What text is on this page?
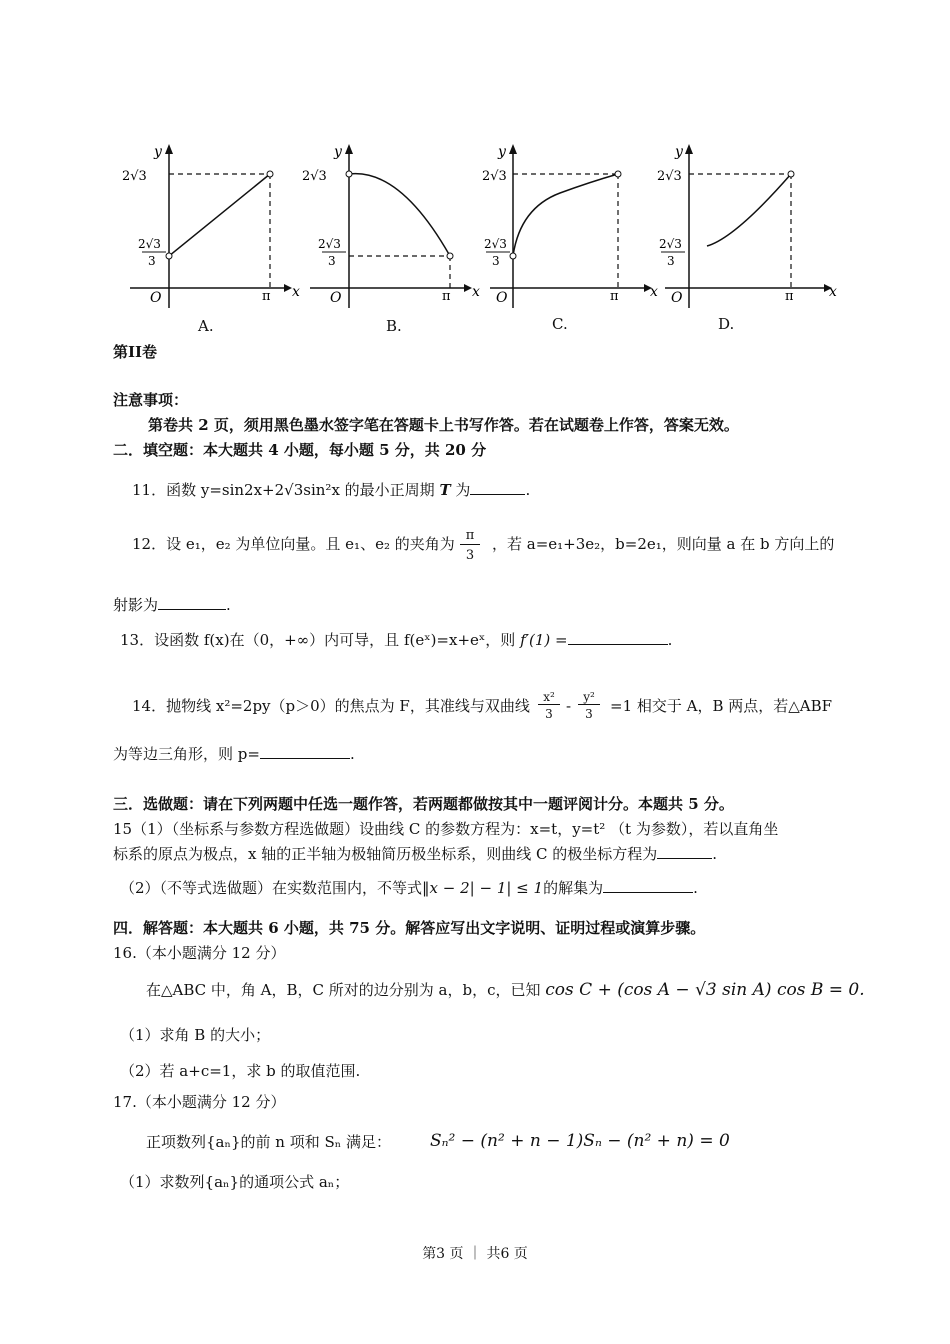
y
x
O	π
2√3
2√3
3
y
x
O	π
2√3
2√3
3
y
x
O	π
2√3
2√3
3
y
x
O	π
2√3
2√3
3
A.	B.	C.	D.
第II卷
注意事项：
第卷共 2 页，须用黑色墨水签字笔在答题卡上书写作答。若在试题卷上作答，答案无效。
二．填空题：本大题共 4 小题，每小题 5 分，共 20 分
11．函数 y=sin2x+2√3sin²x 的最小正周期 T 为	.
12．设 e₁，e₂ 为单位向量。且 e₁、e₂ 的夹角为 $\frac{\pi}{3}$ ，若 a=e₁+3e₂，b=2e₁，则向量 a 在 b 方向上的
射影为	.
13．设函数 f(x)在（0，+∞）内可导，且 f(eˣ)=x+eˣ，则 f′(1) =	.
14．抛物线 x²=2py（p＞0）的焦点为 F，其准线与双曲线 $\frac{\text{x²}}{3} - \frac{\text{y²}}{3} =1$ 相交于 A，B 两点，若△ABF
为等边三角形，则 p=	.
三．选做题：请在下列两题中任选一题作答，若两题都做按其中一题评阅计分。本题共 5 分。
15（1）（坐标系与参数方程选做题）设曲线 C 的参数方程为：x=t，y=t² （t 为参数），若以直角坐
标系的原点为极点，x 轴的正半轴为极轴简历极坐标系，则曲线 C 的极坐标方程为	.
（2）（不等式选做题）在实数范围内，不等式‖x − 2| − 1| ≤ 1的解集为	.
四．解答题：本大题共 6 小题，共 75 分。解答应写出文字说明、证明过程或演算步骤。
16.（本小题满分 12 分）
在△ABC 中，角 A，B，C 所对的边分别为 a，b，c，已知 cos C + (cos A − √3 sin A) cos B = 0.
（1）求角 B 的大小；
（2）若 a+c=1，求 b 的取值范围.
17.（本小题满分 12 分）
正项数列{aₙ}的前 n 项和 Sₙ 满足： Sₙ² − (n² + n − 1)Sₙ − (n² + n) = 0
（1）求数列{aₙ}的通项公式 aₙ；
第3 页 ｜ 共6 页
